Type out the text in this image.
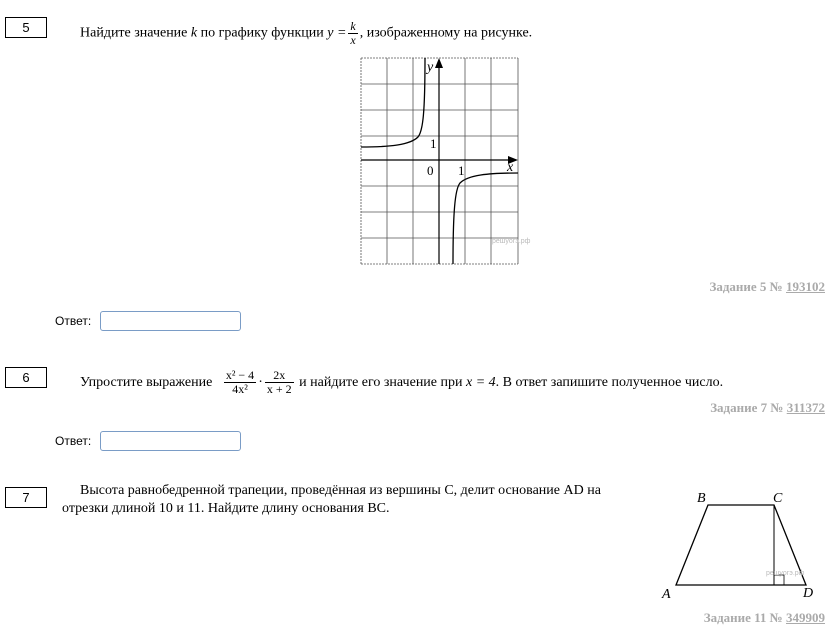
5	Найдите значение k по графику функции $y = \frac{k}{x}$ , изображенному на рисунке.
y
x
0 1
1
решуогэ.рф
Задание 5 № 193102
Ответ:
6	Упростите выражение $\frac{\text{x² − 4}}{\text{4x²}} \cdot \frac{2x}{x + 2}$ и найдите его значение при x = 4. В ответ запишите полученное число.
Задание 7 № 311372
Ответ:
7	Высота равнобедренной трапеции, проведённая из вершины C, делит основание AD на
отрезки длиной 10 и 11. Найдите длину основания BC.
A
B	C
D
решуогэ.рф
Задание 11 № 349909
